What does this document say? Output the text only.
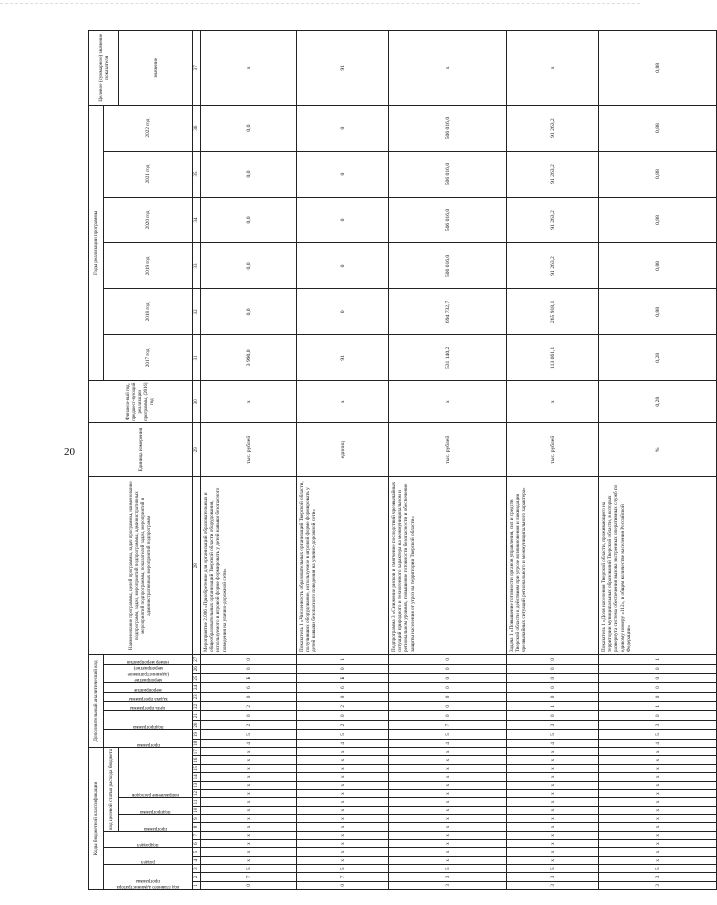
20
Коды бюджетной классификации																	Дополнительный аналитический код										Наименование программы, целей программы, задач программы, наименование подпрограмм, задач, мероприятий подпрограммы, административных мероприятий подпрограммы, показателей задач, мероприятий и административных мероприятий подпрограмм	Единица измерения	Финансо-вый год, предшест-вующий реализации программы, (2016) год	Годы реализации программы						Целевое (суммарное) значение показателя

код главного администратора программы			раздел		подраздел		код целевой статьи расхода бюджета										программа		подпрограмма		цель программы	задача программы	мероприятие	мероприятие (административное мероприятие)		номер мероприятия				2017 год	2018 год	2019 год	2020 год	2021 год	2022 год	

							программа		подпрограмма		направление расходов																									значение
1	2	3	4	5	6	7	8	9	10	11	12	13	14	15	16	17	18	19	20	21	22	23	24	25	26	27	28	29	30	31	32	33	34	35	36	37
0	7	5	x	x	x	x	x	x	x	x	x	x	x	x	x	x	4	5	2	0	2	0	6	Б	0	0	Мероприятие 2.006 «Приобретение для организаций образовательных и общеобразовательных организаций Тверской области оборудования, используемого в игровой форме формировать у детей навыки безопасного поведения на улично-дорожной сети»	тыс. рублей	x	3 990,0	0,0	0,0	0,0	0,0	0,0	x
0	7	5	x	x	x	x	x	x	x	x	x	x	x	x	x	x	4	5	2	0	2	0	6	Б	0	1	Показатель 1 «Численность образовательных организаций Тверской области, получивших оборудование, используемое в игровой форме формировать у детей навыки безопасного поведения на улично-дорожной сети»	единиц	x	91	0	0	0	0	0	91
3	3	5	x	x	x	x	x	x	x	x	x	x	x	x	x	x	4	5	7	0	0	0	0	0	0	0	Подпрограмма 3 «Снижение рисков и смягчение последствий чрезвычайных ситуаций природного и техногенного характера на межмуниципальном и региональном уровнях, повышение готовности безопасности и обеспечение защиты населения от угроз на территории Тверской области»	тыс. рублей	x	531 140,2	694 732,7	506 016,0	506 016,0	506 016,0	506 016,0	x
3	3	5	x	x	x	x	x	x	x	x	x	x	x	x	x	x	4	5	3	0	1	0	0	0	0	0	Задача 1 «Повышение готовности органов управления, сил и средств Тверской области к действиям при угрозе возникновения и ликвидации чрезвычайных ситуаций регионального и межмуниципального характера»	тыс. рублей	x	113 061,1	265 918,1	91 263,2	91 263,2	91 263,2	91 263,2	x
3	3	5	x	x	x	x	x	x	x	x	x	x	x	x	x	x	4	5	3	0	1	0	0	0	0	1	Показатель 1 «Доля населения Тверской области, проживающего на территории муниципальных образований Тверской области, в которых развернута система обеспечения вызова экстренных оперативных служб по единому номеру «112», в общем количестве населения Российской Федерации»	%	0,28	0,28	0,88	0,88	0,88	0,88	0,88	0,88
